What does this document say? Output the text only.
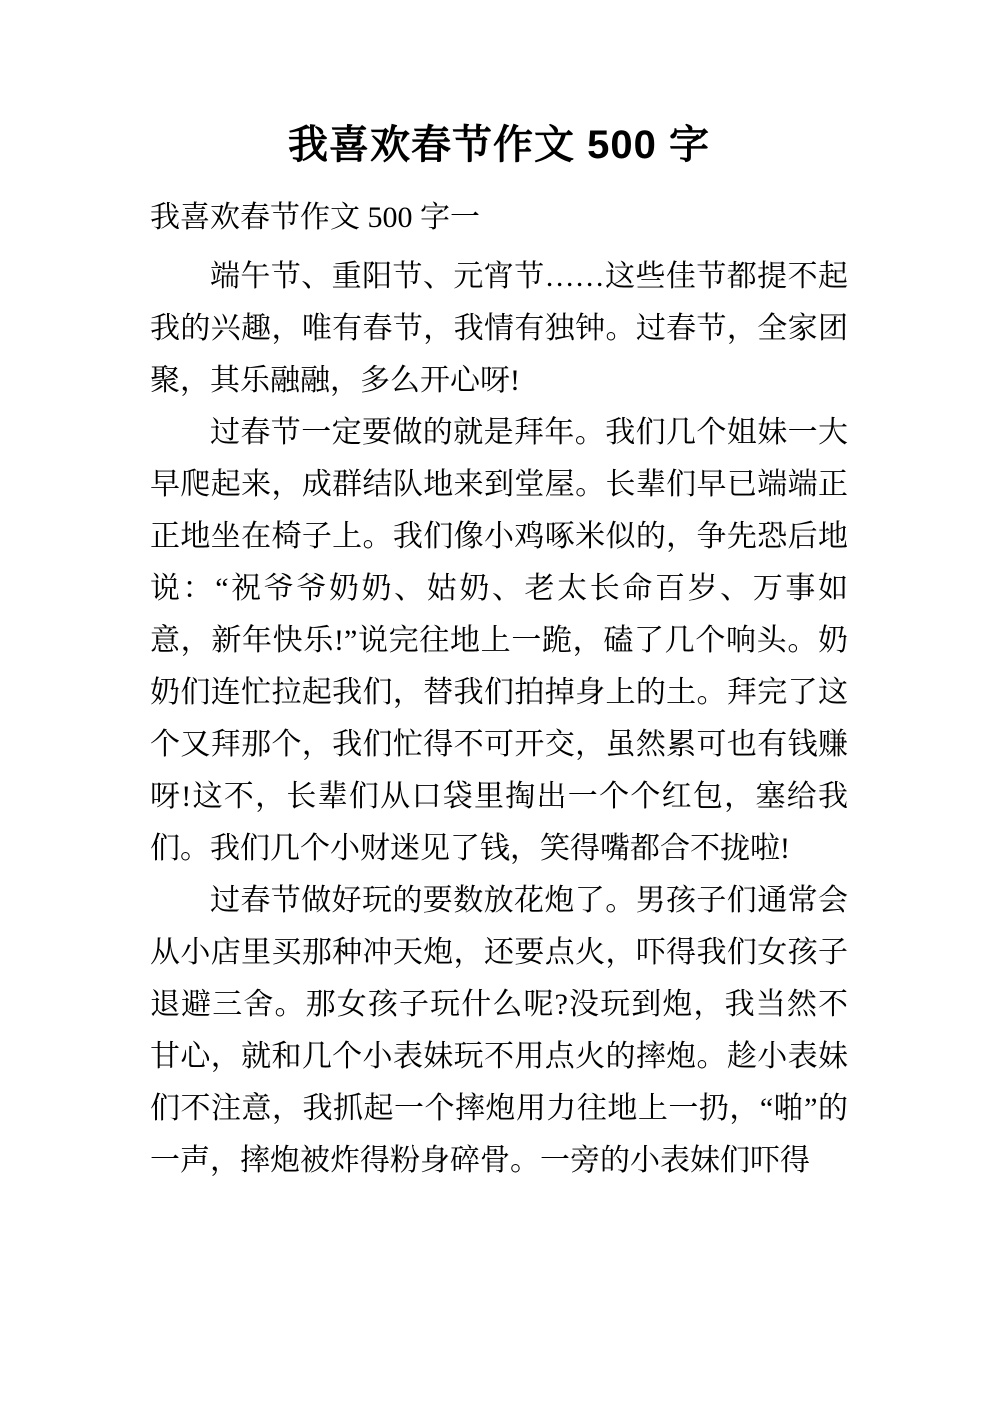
我喜欢春节作文 500 字

我喜欢春节作文 500 字一

端午节、重阳节、元宵节……这些佳节都提不起我的兴趣，唯有春节，我情有独钟。过春节，全家团聚，其乐融融，多么开心呀!

过春节一定要做的就是拜年。我们几个姐妹一大早爬起来，成群结队地来到堂屋。长辈们早已端端正正地坐在椅子上。我们像小鸡啄米似的，争先恐后地说：“祝爷爷奶奶、姑奶、老太长命百岁、万事如意，新年快乐!”说完往地上一跪，磕了几个响头。奶奶们连忙拉起我们，替我们拍掉身上的土。拜完了这个又拜那个，我们忙得不可开交，虽然累可也有钱赚呀!这不，长辈们从口袋里掏出一个个红包，塞给我们。我们几个小财迷见了钱，笑得嘴都合不拢啦!

过春节做好玩的要数放花炮了。男孩子们通常会从小店里买那种冲天炮，还要点火，吓得我们女孩子退避三舍。那女孩子玩什么呢?没玩到炮，我当然不甘心，就和几个小表妹玩不用点火的摔炮。趁小表妹们不注意，我抓起一个摔炮用力往地上一扔，“啪”的一声，摔炮被炸得粉身碎骨。一旁的小表妹们吓得
